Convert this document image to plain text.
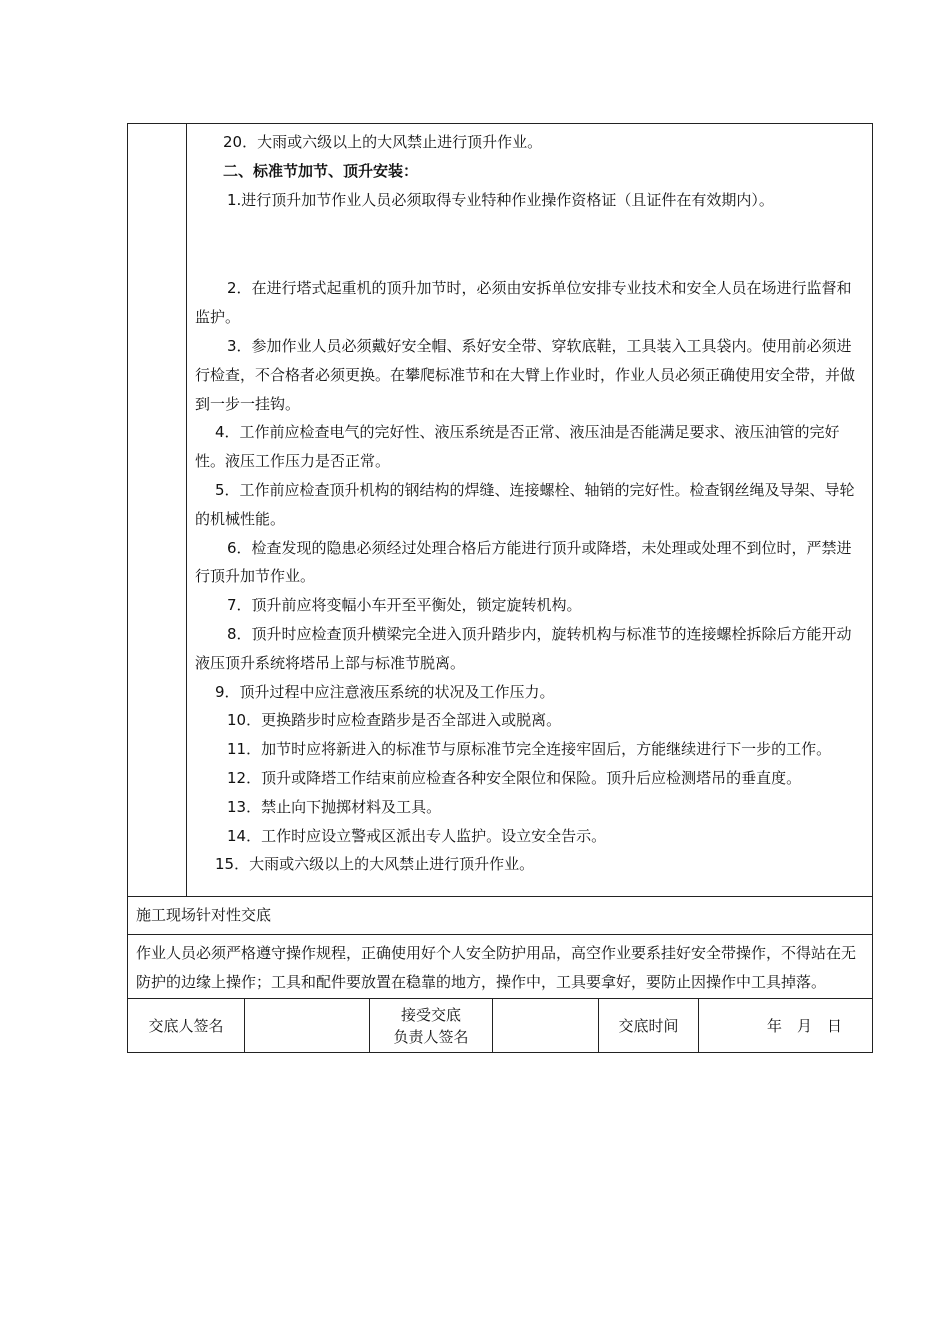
20．大雨或六级以上的大风禁止进行顶升作业。

二、标准节加节、顶升安装：

1.进行顶升加节作业人员必须取得专业特种作业操作资格证（且证件在有效期内）。

2．在进行塔式起重机的顶升加节时，必须由安拆单位安排专业技术和安全人员在场进行监督和监护。

3．参加作业人员必须戴好安全帽、系好安全带、穿软底鞋，工具装入工具袋内。使用前必须进行检查，不合格者必须更换。在攀爬标准节和在大臂上作业时，作业人员必须正确使用安全带，并做到一步一挂钩。

4．工作前应检查电气的完好性、液压系统是否正常、液压油是否能满足要求、液压油管的完好性。液压工作压力是否正常。

5．工作前应检查顶升机构的钢结构的焊缝、连接螺栓、轴销的完好性。检查钢丝绳及导架、导轮的机械性能。

6．检查发现的隐患必须经过处理合格后方能进行顶升或降塔，未处理或处理不到位时，严禁进行顶升加节作业。

7．顶升前应将变幅小车开至平衡处，锁定旋转机构。

8．顶升时应检查顶升横梁完全进入顶升踏步内，旋转机构与标准节的连接螺栓拆除后方能开动液压顶升系统将塔吊上部与标准节脱离。

9．顶升过程中应注意液压系统的状况及工作压力。

10．更换踏步时应检查踏步是否全部进入或脱离。

11．加节时应将新进入的标准节与原标准节完全连接牢固后，方能继续进行下一步的工作。

12．顶升或降塔工作结束前应检查各种安全限位和保险。顶升后应检测塔吊的垂直度。

13．禁止向下抛掷材料及工具。

14．工作时应设立警戒区派出专人监护。设立安全告示。

15．大雨或六级以上的大风禁止进行顶升作业。

施工现场针对性交底
作业人员必须严格遵守操作规程，正确使用好个人安全防护用品，高空作业要系挂好安全带操作，不得站在无防护的边缘上操作；工具和配件要放置在稳靠的地方，操作中，工具要拿好，要防止因操作中工具掉落。
交底人签名
接受交底
负责人签名
交底时间	年　月　日
